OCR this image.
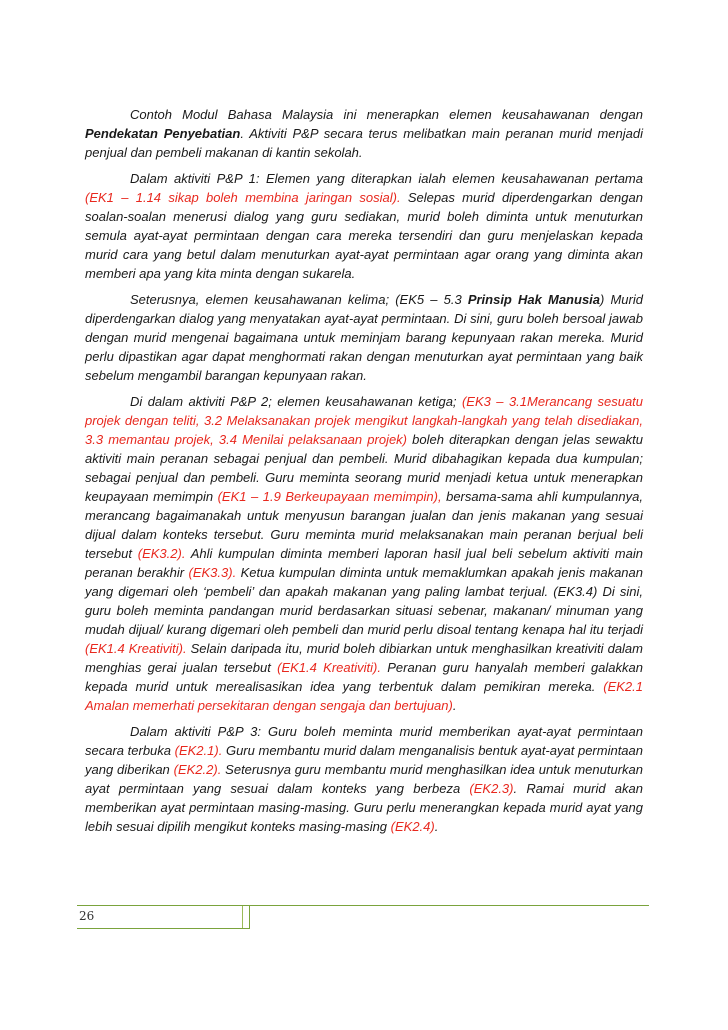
Contoh Modul Bahasa Malaysia ini menerapkan elemen keusahawanan dengan Pendekatan Penyebatian. Aktiviti P&P secara terus melibatkan main peranan murid menjadi penjual dan pembeli makanan di kantin sekolah.

Dalam aktiviti P&P 1: Elemen yang diterapkan ialah elemen keusahawanan pertama (EK1 – 1.14 sikap boleh membina jaringan sosial). Selepas murid diperdengarkan dengan soalan-soalan menerusi dialog yang guru sediakan, murid boleh diminta untuk menuturkan semula ayat-ayat permintaan dengan cara mereka tersendiri dan guru menjelaskan kepada murid cara yang betul dalam menuturkan ayat-ayat permintaan agar orang yang diminta akan memberi apa yang kita minta dengan sukarela.

Seterusnya, elemen keusahawanan kelima; (EK5 – 5.3 Prinsip Hak Manusia) Murid diperdengarkan dialog yang menyatakan ayat-ayat permintaan. Di sini, guru boleh bersoal jawab dengan murid mengenai bagaimana untuk meminjam barang kepunyaan rakan mereka. Murid perlu dipastikan agar dapat menghormati rakan dengan menuturkan ayat permintaan yang baik sebelum mengambil barangan kepunyaan rakan.

Di dalam aktiviti P&P 2; elemen keusahawanan ketiga; (EK3 – 3.1Merancang sesuatu projek dengan teliti, 3.2 Melaksanakan projek mengikut langkah-langkah yang telah disediakan, 3.3 memantau projek, 3.4 Menilai pelaksanaan projek) boleh diterapkan dengan jelas sewaktu aktiviti main peranan sebagai penjual dan pembeli. Murid dibahagikan kepada dua kumpulan; sebagai penjual dan pembeli. Guru meminta seorang murid menjadi ketua untuk menerapkan keupayaan memimpin (EK1 – 1.9 Berkeupayaan memimpin), bersama-sama ahli kumpulannya, merancang bagaimanakah untuk menyusun barangan jualan dan jenis makanan yang sesuai dijual dalam konteks tersebut. Guru meminta murid melaksanakan main peranan berjual beli tersebut (EK3.2). Ahli kumpulan diminta memberi laporan hasil jual beli sebelum aktiviti main peranan berakhir (EK3.3). Ketua kumpulan diminta untuk memaklumkan apakah jenis makanan yang digemari oleh ‘pembeli’ dan apakah makanan yang paling lambat terjual. (EK3.4) Di sini, guru boleh meminta pandangan murid berdasarkan situasi sebenar, makanan/ minuman yang mudah dijual/ kurang digemari oleh pembeli dan murid perlu disoal tentang kenapa hal itu terjadi (EK1.4 Kreativiti). Selain daripada itu, murid boleh dibiarkan untuk menghasilkan kreativiti dalam menghias gerai jualan tersebut (EK1.4 Kreativiti). Peranan guru hanyalah memberi galakkan kepada murid untuk merealisasikan idea yang terbentuk dalam pemikiran mereka. (EK2.1 Amalan memerhati persekitaran dengan sengaja dan bertujuan).

Dalam aktiviti P&P 3: Guru boleh meminta murid memberikan ayat-ayat permintaan secara terbuka (EK2.1). Guru membantu murid dalam menganalisis bentuk ayat-ayat permintaan yang diberikan (EK2.2). Seterusnya guru membantu murid menghasilkan idea untuk menuturkan ayat permintaan yang sesuai dalam konteks yang berbeza (EK2.3). Ramai murid akan memberikan ayat permintaan masing-masing. Guru perlu menerangkan kepada murid ayat yang lebih sesuai dipilih mengikut konteks masing-masing (EK2.4).

26
